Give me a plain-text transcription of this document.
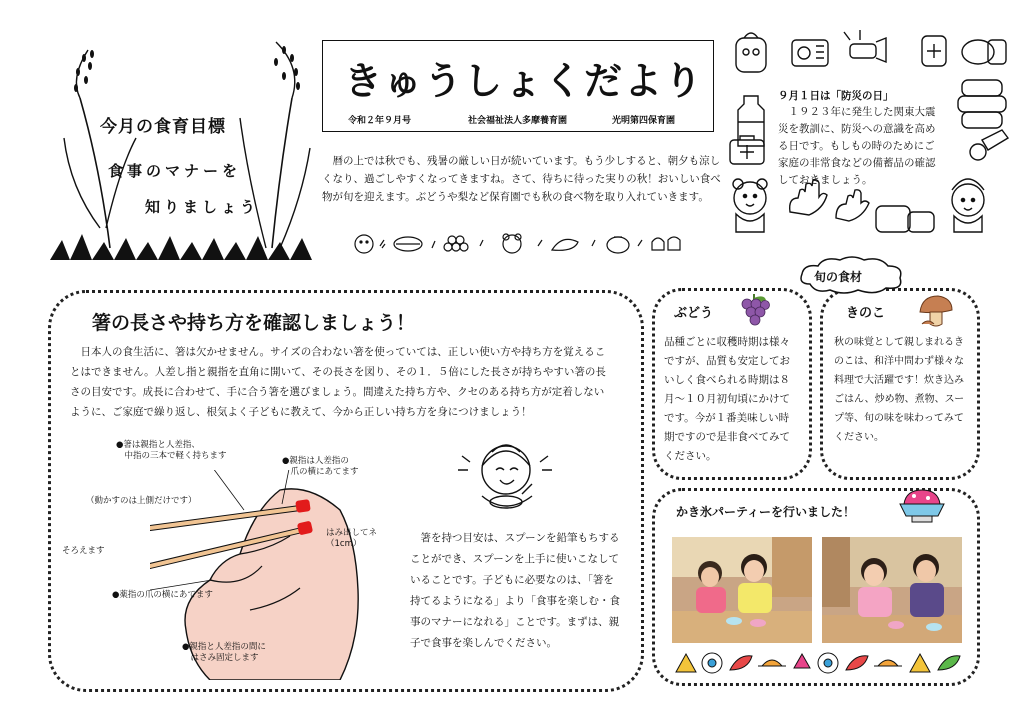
今月の食育目標
食事のマナーを
知りましょう
きゅうしょくだより
令和２年９月号	社会福祉法人多摩養育園	光明第四保育園
　暦の上では秋でも、残暑の厳しい日が続いています。もう少しすると、朝夕も涼しくなり、過ごしやすくなってきますね。さて、待ちに待った実りの秋！おいしい食べ物が旬を迎えます。ぶどうや梨など保育園でも秋の食べ物を取り入れていきます。
９月１日は「防災の日」
　１９２３年に発生した関東大震災を教訓に、防災への意識を高める日です。もしもの時のためにご家庭の非常食などの備蓄品の確認しておきましょう。
箸の長さや持ち方を確認しましょう！
　日本人の食生活に、箸は欠かせません。サイズの合わない箸を使っていては、正しい使い方や持ち方を覚えることはできません。人差し指と親指を直角に開いて、その長さを図り、その１．５倍にした長さが持ちやすい箸の長さの目安です。成長に合わせて、手に合う箸を選びましょう。間違えた持ち方や、クセのある持ち方が定着しないように、ご家庭で繰り返し、根気よく子どもに教えて、今から正しい持ち方を身につけましょう！
●箸は親指と人差指、
　中指の三本で軽く持ちます	●親指は人差指の
　爪の横にあてます
（動かすのは上側だけです）
はみ出してネ
（1cm）
そろえます
●薬指の爪の横にあてます
●親指と人差指の間に
　はさみ固定します
　箸を持つ目安は、スプーンを鉛筆もちすることができ、スプーンを上手に使いこなしていることです。子どもに必要なのは、「箸を持てるようになる」より「食事を楽しむ・食事のマナーになれる」ことです。まずは、親子で食事を楽しんでください。
ぶどう
品種ごとに収穫時期は様々ですが、品質も安定しておいしく食べられる時期は８月～１０月初旬頃にかけてです。今が１番美味しい時期ですので是非食べてみてください。
きのこ
秋の味覚として親しまれるきのこは、和洋中問わず様々な料理で大活躍です！炊き込みごはん、炒め物、煮物、スープ等、旬の味を味わってみてください。
旬の食材
かき氷パーティーを行いました！
